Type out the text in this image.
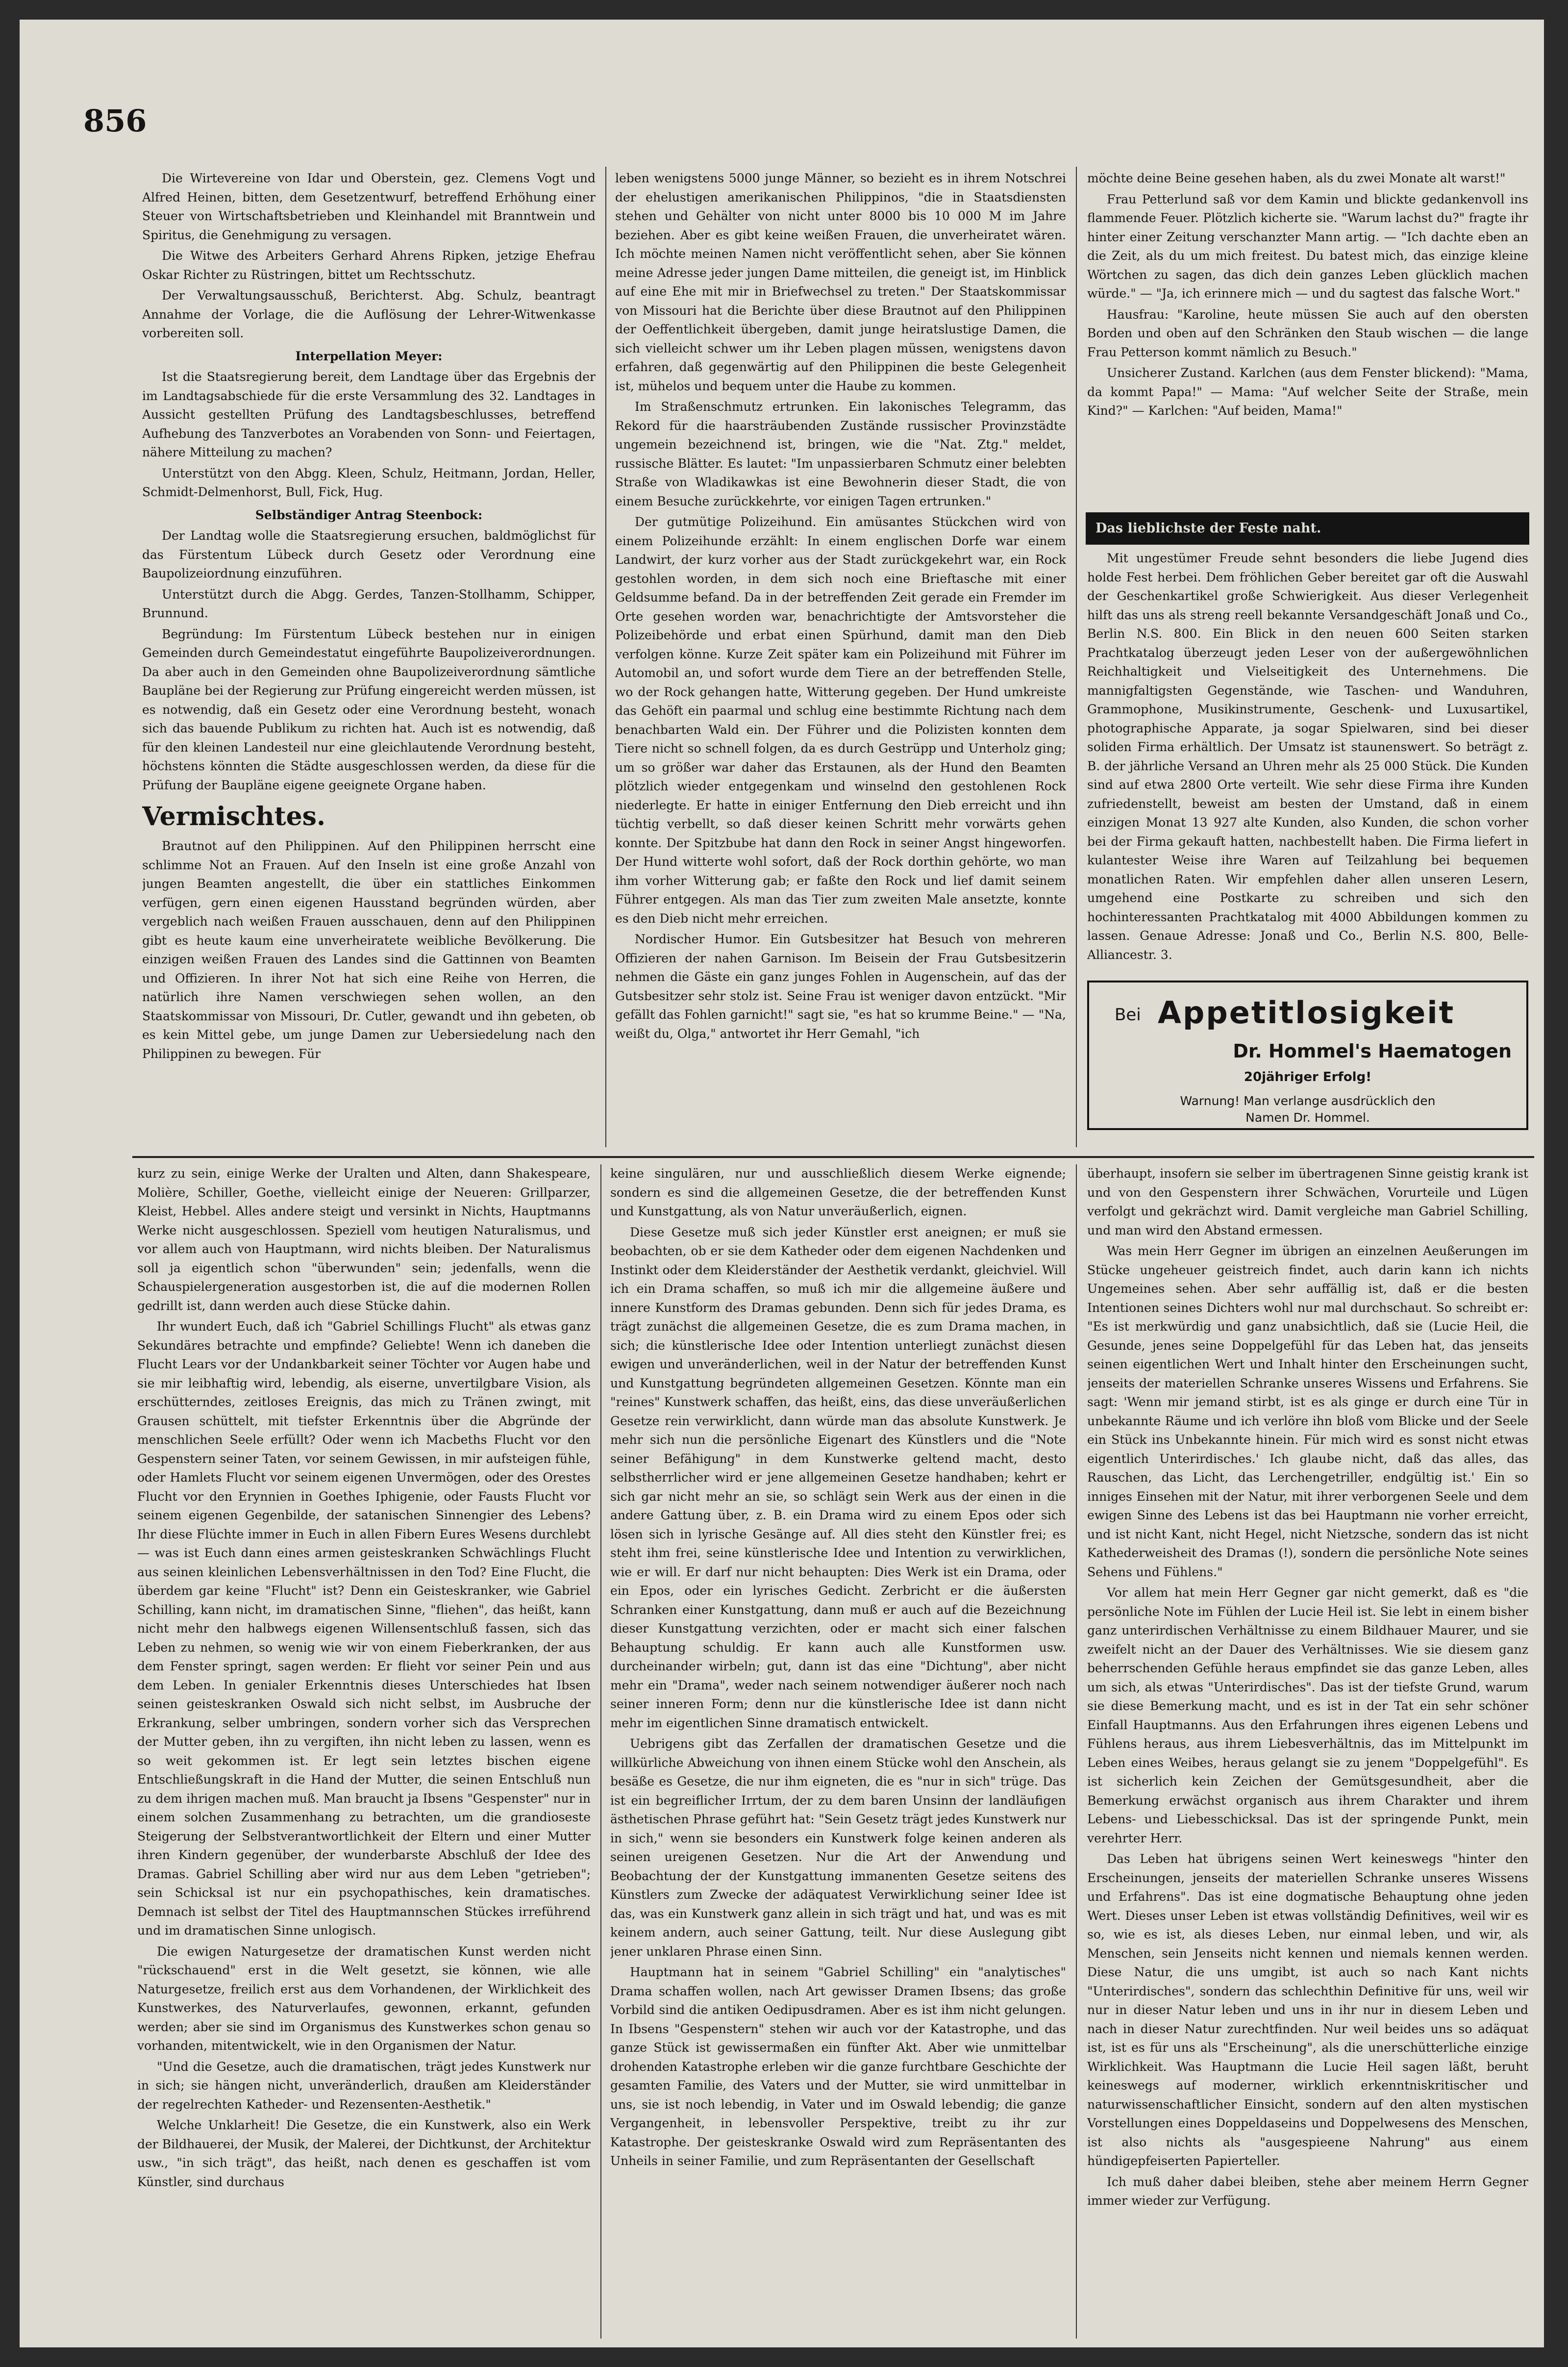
856

Die Wirtevereine von Idar und Oberstein, gez. Clemens Vogt und Alfred Heinen, bitten, dem Gesetzentwurf, betreffend Erhöhung einer Steuer von Wirtschaftsbetrieben und Kleinhandel mit Branntwein und Spiritus, die Genehmigung zu versagen.

Die Witwe des Arbeiters Gerhard Ahrens Ripken, jetzige Ehefrau Oskar Richter zu Rüstringen, bittet um Rechtsschutz.

Der Verwaltungsausschuß, Berichterst. Abg. Schulz, beantragt Annahme der Vorlage, die die Auflösung der Lehrer-Witwenkasse vorbereiten soll.

Interpellation Meyer:

Ist die Staatsregierung bereit, dem Landtage über das Ergebnis der im Landtagsabschiede für die erste Versammlung des 32. Landtages in Aussicht gestellten Prüfung des Landtagsbeschlusses, betreffend Aufhebung des Tanzverbotes an Vorabenden von Sonn- und Feiertagen, nähere Mitteilung zu machen?

Unterstützt von den Abgg. Kleen, Schulz, Heitmann, Jordan, Heller, Schmidt-Delmenhorst, Bull, Fick, Hug.

Selbständiger Antrag Steenbock:

Der Landtag wolle die Staatsregierung ersuchen, baldmöglichst für das Fürstentum Lübeck durch Gesetz oder Verordnung eine Baupolizeiordnung einzuführen.

Unterstützt durch die Abgg. Gerdes, Tanzen-Stollhamm, Schipper, Brunnund.

Begründung: Im Fürstentum Lübeck bestehen nur in einigen Gemeinden durch Gemeindestatut eingeführte Baupolizeiverordnungen. Da aber auch in den Gemeinden ohne Baupolizeiverordnung sämtliche Baupläne bei der Regierung zur Prüfung eingereicht werden müssen, ist es notwendig, daß ein Gesetz oder eine Verordnung besteht, wonach sich das bauende Publikum zu richten hat. Auch ist es notwendig, daß für den kleinen Landesteil nur eine gleichlautende Verordnung besteht, höchstens könnten die Städte ausgeschlossen werden, da diese für die Prüfung der Baupläne eigene geeignete Organe haben.

Vermischtes.

Brautnot auf den Philippinen. Auf den Philippinen herrscht eine schlimme Not an Frauen. Auf den Inseln ist eine große Anzahl von jungen Beamten angestellt, die über ein stattliches Einkommen verfügen, gern einen eigenen Hausstand begründen würden, aber vergeblich nach weißen Frauen ausschauen, denn auf den Philippinen gibt es heute kaum eine unverheiratete weibliche Bevölkerung. Die einzigen weißen Frauen des Landes sind die Gattinnen von Beamten und Offizieren. In ihrer Not hat sich eine Reihe von Herren, die natürlich ihre Namen verschwiegen sehen wollen, an den Staatskommissar von Missouri, Dr. Cutler, gewandt und ihn gebeten, ob es kein Mittel gebe, um junge Damen zur Uebersiedelung nach den Philippinen zu bewegen. Für

leben wenigstens 5000 junge Männer, so bezieht es in ihrem Notschrei der ehelustigen amerikanischen Philippinos, "die in Staatsdiensten stehen und Gehälter von nicht unter 8000 bis 10 000 M im Jahre beziehen. Aber es gibt keine weißen Frauen, die unverheiratet wären. Ich möchte meinen Namen nicht veröffentlicht sehen, aber Sie können meine Adresse jeder jungen Dame mitteilen, die geneigt ist, im Hinblick auf eine Ehe mit mir in Briefwechsel zu treten." Der Staatskommissar von Missouri hat die Berichte über diese Brautnot auf den Philippinen der Oeffentlichkeit übergeben, damit junge heiratslustige Damen, die sich vielleicht schwer um ihr Leben plagen müssen, wenigstens davon erfahren, daß gegenwärtig auf den Philippinen die beste Gelegenheit ist, mühelos und bequem unter die Haube zu kommen.

Im Straßenschmutz ertrunken. Ein lakonisches Telegramm, das Rekord für die haarsträubenden Zustände russischer Provinzstädte ungemein bezeichnend ist, bringen, wie die "Nat. Ztg." meldet, russische Blätter. Es lautet: "Im unpassierbaren Schmutz einer belebten Straße von Wladikawkas ist eine Bewohnerin dieser Stadt, die von einem Besuche zurückkehrte, vor einigen Tagen ertrunken."

Der gutmütige Polizeihund. Ein amüsantes Stückchen wird von einem Polizeihunde erzählt: In einem englischen Dorfe war einem Landwirt, der kurz vorher aus der Stadt zurückgekehrt war, ein Rock gestohlen worden, in dem sich noch eine Brieftasche mit einer Geldsumme befand. Da in der betreffenden Zeit gerade ein Fremder im Orte gesehen worden war, benachrichtigte der Amtsvorsteher die Polizeibehörde und erbat einen Spürhund, damit man den Dieb verfolgen könne. Kurze Zeit später kam ein Polizeihund mit Führer im Automobil an, und sofort wurde dem Tiere an der betreffenden Stelle, wo der Rock gehangen hatte, Witterung gegeben. Der Hund umkreiste das Gehöft ein paarmal und schlug eine bestimmte Richtung nach dem benachbarten Wald ein. Der Führer und die Polizisten konnten dem Tiere nicht so schnell folgen, da es durch Gestrüpp und Unterholz ging; um so größer war daher das Erstaunen, als der Hund den Beamten plötzlich wieder entgegenkam und winselnd den gestohlenen Rock niederlegte. Er hatte in einiger Entfernung den Dieb erreicht und ihn tüchtig verbellt, so daß dieser keinen Schritt mehr vorwärts gehen konnte. Der Spitzbube hat dann den Rock in seiner Angst hingeworfen. Der Hund witterte wohl sofort, daß der Rock dorthin gehörte, wo man ihm vorher Witterung gab; er faßte den Rock und lief damit seinem Führer entgegen. Als man das Tier zum zweiten Male ansetzte, konnte es den Dieb nicht mehr erreichen.

Nordischer Humor. Ein Gutsbesitzer hat Besuch von mehreren Offizieren der nahen Garnison. Im Beisein der Frau Gutsbesitzerin nehmen die Gäste ein ganz junges Fohlen in Augenschein, auf das der Gutsbesitzer sehr stolz ist. Seine Frau ist weniger davon entzückt. "Mir gefällt das Fohlen garnicht!" sagt sie, "es hat so krumme Beine." — "Na, weißt du, Olga," antwortet ihr Herr Gemahl, "ich

möchte deine Beine gesehen haben, als du zwei Monate alt warst!"

Frau Petterlund saß vor dem Kamin und blickte gedankenvoll ins flammende Feuer. Plötzlich kicherte sie. "Warum lachst du?" fragte ihr hinter einer Zeitung verschanzter Mann artig. — "Ich dachte eben an die Zeit, als du um mich freitest. Du batest mich, das einzige kleine Wörtchen zu sagen, das dich dein ganzes Leben glücklich machen würde." — "Ja, ich erinnere mich — und du sagtest das falsche Wort."

Hausfrau: "Karoline, heute müssen Sie auch auf den obersten Borden und oben auf den Schränken den Staub wischen — die lange Frau Petterson kommt nämlich zu Besuch."

Unsicherer Zustand. Karlchen (aus dem Fenster blickend): "Mama, da kommt Papa!" — Mama: "Auf welcher Seite der Straße, mein Kind?" — Karlchen: "Auf beiden, Mama!"

Das lieblichste der Feste naht.

Mit ungestümer Freude sehnt besonders die liebe Jugend dies holde Fest herbei. Dem fröhlichen Geber bereitet gar oft die Auswahl der Geschenkartikel große Schwierigkeit. Aus dieser Verlegenheit hilft das uns als streng reell bekannte Versandgeschäft Jonaß und Co., Berlin N.S. 800. Ein Blick in den neuen 600 Seiten starken Prachtkatalog überzeugt jeden Leser von der außergewöhnlichen Reichhaltigkeit und Vielseitigkeit des Unternehmens. Die mannigfaltigsten Gegenstände, wie Taschen- und Wanduhren, Grammophone, Musikinstrumente, Geschenk- und Luxusartikel, photographische Apparate, ja sogar Spielwaren, sind bei dieser soliden Firma erhältlich. Der Umsatz ist staunenswert. So beträgt z. B. der jährliche Versand an Uhren mehr als 25 000 Stück. Die Kunden sind auf etwa 2800 Orte verteilt. Wie sehr diese Firma ihre Kunden zufriedenstellt, beweist am besten der Umstand, daß in einem einzigen Monat 13 927 alte Kunden, also Kunden, die schon vorher bei der Firma gekauft hatten, nachbestellt haben. Die Firma liefert in kulantester Weise ihre Waren auf Teilzahlung bei bequemen monatlichen Raten. Wir empfehlen daher allen unseren Lesern, umgehend eine Postkarte zu schreiben und sich den hochinteressanten Prachtkatalog mit 4000 Abbildungen kommen zu lassen. Genaue Adresse: Jonaß und Co., Berlin N.S. 800, Belle-Alliancestr. 3.

Bei Appetitlosigkeit
Dr. Hommel's Haematogen
20jähriger Erfolg!
Warnung! Man verlange ausdrücklich den
Namen Dr. Hommel.

kurz zu sein, einige Werke der Uralten und Alten, dann Shakespeare, Molière, Schiller, Goethe, vielleicht einige der Neueren: Grillparzer, Kleist, Hebbel. Alles andere steigt und versinkt in Nichts, Hauptmanns Werke nicht ausgeschlossen. Speziell vom heutigen Naturalismus, und vor allem auch von Hauptmann, wird nichts bleiben. Der Naturalismus soll ja eigentlich schon "überwunden" sein; jedenfalls, wenn die Schauspielergeneration ausgestorben ist, die auf die modernen Rollen gedrillt ist, dann werden auch diese Stücke dahin.

Ihr wundert Euch, daß ich "Gabriel Schillings Flucht" als etwas ganz Sekundäres betrachte und empfinde? Geliebte! Wenn ich daneben die Flucht Lears vor der Undankbarkeit seiner Töchter vor Augen habe und sie mir leibhaftig wird, lebendig, als eiserne, unvertilgbare Vision, als erschütterndes, zeitloses Ereignis, das mich zu Tränen zwingt, mit Grausen schüttelt, mit tiefster Erkenntnis über die Abgründe der menschlichen Seele erfüllt? Oder wenn ich Macbeths Flucht vor den Gespenstern seiner Taten, vor seinem Gewissen, in mir aufsteigen fühle, oder Hamlets Flucht vor seinem eigenen Unvermögen, oder des Orestes Flucht vor den Erynnien in Goethes Iphigenie, oder Fausts Flucht vor seinem eigenen Gegenbilde, der satanischen Sinnengier des Lebens? Ihr diese Flüchte immer in Euch in allen Fibern Eures Wesens durchlebt — was ist Euch dann eines armen geisteskranken Schwächlings Flucht aus seinen kleinlichen Lebensverhältnissen in den Tod? Eine Flucht, die überdem gar keine "Flucht" ist? Denn ein Geisteskranker, wie Gabriel Schilling, kann nicht, im dramatischen Sinne, "fliehen", das heißt, kann nicht mehr den halbwegs eigenen Willensentschluß fassen, sich das Leben zu nehmen, so wenig wie wir von einem Fieberkranken, der aus dem Fenster springt, sagen werden: Er flieht vor seiner Pein und aus dem Leben. In genialer Erkenntnis dieses Unterschiedes hat Ibsen seinen geisteskranken Oswald sich nicht selbst, im Ausbruche der Erkrankung, selber umbringen, sondern vorher sich das Versprechen der Mutter geben, ihn zu vergiften, ihn nicht leben zu lassen, wenn es so weit gekommen ist. Er legt sein letztes bischen eigene Entschließungskraft in die Hand der Mutter, die seinen Entschluß nun zu dem ihrigen machen muß. Man braucht ja Ibsens "Gespenster" nur in einem solchen Zusammenhang zu betrachten, um die grandioseste Steigerung der Selbstverantwortlichkeit der Eltern und einer Mutter ihren Kindern gegenüber, der wunderbarste Abschluß der Idee des Dramas. Gabriel Schilling aber wird nur aus dem Leben "getrieben"; sein Schicksal ist nur ein psychopathisches, kein dramatisches. Demnach ist selbst der Titel des Hauptmannschen Stückes irreführend und im dramatischen Sinne unlogisch.

Die ewigen Naturgesetze der dramatischen Kunst werden nicht "rückschauend" erst in die Welt gesetzt, sie können, wie alle Naturgesetze, freilich erst aus dem Vorhandenen, der Wirklichkeit des Kunstwerkes, des Naturverlaufes, gewonnen, erkannt, gefunden werden; aber sie sind im Organismus des Kunstwerkes schon genau so vorhanden, mitentwickelt, wie in den Organismen der Natur.

"Und die Gesetze, auch die dramatischen, trägt jedes Kunstwerk nur in sich; sie hängen nicht, unveränderlich, draußen am Kleiderständer der regelrechten Katheder- und Rezensenten-Aesthetik."

Welche Unklarheit! Die Gesetze, die ein Kunstwerk, also ein Werk der Bildhauerei, der Musik, der Malerei, der Dichtkunst, der Architektur usw., "in sich trägt", das heißt, nach denen es geschaffen ist vom Künstler, sind durchaus

keine singulären, nur und ausschließlich diesem Werke eignende; sondern es sind die allgemeinen Gesetze, die der betreffenden Kunst und Kunstgattung, als von Natur unveräußerlich, eignen.

Diese Gesetze muß sich jeder Künstler erst aneignen; er muß sie beobachten, ob er sie dem Katheder oder dem eigenen Nachdenken und Instinkt oder dem Kleiderständer der Aesthetik verdankt, gleichviel. Will ich ein Drama schaffen, so muß ich mir die allgemeine äußere und innere Kunstform des Dramas gebunden. Denn sich für jedes Drama, es trägt zunächst die allgemeinen Gesetze, die es zum Drama machen, in sich; die künstlerische Idee oder Intention unterliegt zunächst diesen ewigen und unveränderlichen, weil in der Natur der betreffenden Kunst und Kunstgattung begründeten allgemeinen Gesetzen. Könnte man ein "reines" Kunstwerk schaffen, das heißt, eins, das diese unveräußerlichen Gesetze rein verwirklicht, dann würde man das absolute Kunstwerk. Je mehr sich nun die persönliche Eigenart des Künstlers und die "Note seiner Befähigung" in dem Kunstwerke geltend macht, desto selbstherrlicher wird er jene allgemeinen Gesetze handhaben; kehrt er sich gar nicht mehr an sie, so schlägt sein Werk aus der einen in die andere Gattung über, z. B. ein Drama wird zu einem Epos oder sich lösen sich in lyrische Gesänge auf. All dies steht den Künstler frei; es steht ihm frei, seine künstlerische Idee und Intention zu verwirklichen, wie er will. Er darf nur nicht behaupten: Dies Werk ist ein Drama, oder ein Epos, oder ein lyrisches Gedicht. Zerbricht er die äußersten Schranken einer Kunstgattung, dann muß er auch auf die Bezeichnung dieser Kunstgattung verzichten, oder er macht sich einer falschen Behauptung schuldig. Er kann auch alle Kunstformen usw. durcheinander wirbeln; gut, dann ist das eine "Dichtung", aber nicht mehr ein "Drama", weder nach seinem notwendiger äußerer noch nach seiner inneren Form; denn nur die künstlerische Idee ist dann nicht mehr im eigentlichen Sinne dramatisch entwickelt.

Uebrigens gibt das Zerfallen der dramatischen Gesetze und die willkürliche Abweichung von ihnen einem Stücke wohl den Anschein, als besäße es Gesetze, die nur ihm eigneten, die es "nur in sich" trüge. Das ist ein begreiflicher Irrtum, der zu dem baren Unsinn der landläufigen ästhetischen Phrase geführt hat: "Sein Gesetz trägt jedes Kunstwerk nur in sich," wenn sie besonders ein Kunstwerk folge keinen anderen als seinen ureigenen Gesetzen. Nur die Art der Anwendung und Beobachtung der der Kunstgattung immanenten Gesetze seitens des Künstlers zum Zwecke der adäquatest Verwirklichung seiner Idee ist das, was ein Kunstwerk ganz allein in sich trägt und hat, und was es mit keinem andern, auch seiner Gattung, teilt. Nur diese Auslegung gibt jener unklaren Phrase einen Sinn.

Hauptmann hat in seinem "Gabriel Schilling" ein "analytisches" Drama schaffen wollen, nach Art gewisser Dramen Ibsens; das große Vorbild sind die antiken Oedipusdramen. Aber es ist ihm nicht gelungen. In Ibsens "Gespenstern" stehen wir auch vor der Katastrophe, und das ganze Stück ist gewissermaßen ein fünfter Akt. Aber wie unmittelbar drohenden Katastrophe erleben wir die ganze furchtbare Geschichte der gesamten Familie, des Vaters und der Mutter, sie wird unmittelbar in uns, sie ist noch lebendig, in Vater und im Oswald lebendig; die ganze Vergangenheit, in lebensvoller Perspektive, treibt zu ihr zur Katastrophe. Der geisteskranke Oswald wird zum Repräsentanten des Unheils in seiner Familie, und zum Repräsentanten der Gesellschaft

überhaupt, insofern sie selber im übertragenen Sinne geistig krank ist und von den Gespenstern ihrer Schwächen, Vorurteile und Lügen verfolgt und gekrächzt wird. Damit vergleiche man Gabriel Schilling, und man wird den Abstand ermessen.

Was mein Herr Gegner im übrigen an einzelnen Aeußerungen im Stücke ungeheuer geistreich findet, auch darin kann ich nichts Ungemeines sehen. Aber sehr auffällig ist, daß er die besten Intentionen seines Dichters wohl nur mal durchschaut. So schreibt er: "Es ist merkwürdig und ganz unabsichtlich, daß sie (Lucie Heil, die Gesunde, jenes seine Doppelgefühl für das Leben hat, das jenseits seinen eigentlichen Wert und Inhalt hinter den Erscheinungen sucht, jenseits der materiellen Schranke unseres Wissens und Erfahrens. Sie sagt: 'Wenn mir jemand stirbt, ist es als ginge er durch eine Tür in unbekannte Räume und ich verlöre ihn bloß vom Blicke und der Seele ein Stück ins Unbekannte hinein. Für mich wird es sonst nicht etwas eigentlich Unterirdisches.' Ich glaube nicht, daß das alles, das Rauschen, das Licht, das Lerchengetriller, endgültig ist.' Ein so inniges Einsehen mit der Natur, mit ihrer verborgenen Seele und dem ewigen Sinne des Lebens ist das bei Hauptmann nie vorher erreicht, und ist nicht Kant, nicht Hegel, nicht Nietzsche, sondern das ist nicht Kathederweisheit des Dramas (!), sondern die persönliche Note seines Sehens und Fühlens."

Vor allem hat mein Herr Gegner gar nicht gemerkt, daß es "die persönliche Note im Fühlen der Lucie Heil ist. Sie lebt in einem bisher ganz unterirdischen Verhältnisse zu einem Bildhauer Maurer, und sie zweifelt nicht an der Dauer des Verhältnisses. Wie sie diesem ganz beherrschenden Gefühle heraus empfindet sie das ganze Leben, alles um sich, als etwas "Unterirdisches". Das ist der tiefste Grund, warum sie diese Bemerkung macht, und es ist in der Tat ein sehr schöner Einfall Hauptmanns. Aus den Erfahrungen ihres eigenen Lebens und Fühlens heraus, aus ihrem Liebesverhältnis, das im Mittelpunkt im Leben eines Weibes, heraus gelangt sie zu jenem "Doppelgefühl". Es ist sicherlich kein Zeichen der Gemütsgesundheit, aber die Bemerkung erwächst organisch aus ihrem Charakter und ihrem Lebens- und Liebesschicksal. Das ist der springende Punkt, mein verehrter Herr.

Das Leben hat übrigens seinen Wert keineswegs "hinter den Erscheinungen, jenseits der materiellen Schranke unseres Wissens und Erfahrens". Das ist eine dogmatische Behauptung ohne jeden Wert. Dieses unser Leben ist etwas vollständig Definitives, weil wir es so, wie es ist, als dieses Leben, nur einmal leben, und wir, als Menschen, sein Jenseits nicht kennen und niemals kennen werden. Diese Natur, die uns umgibt, ist auch so nach Kant nichts "Unterirdisches", sondern das schlechthin Definitive für uns, weil wir nur in dieser Natur leben und uns in ihr nur in diesem Leben und nach in dieser Natur zurechtfinden. Nur weil beides uns so adäquat ist, ist es für uns als "Erscheinung", als die unerschütterliche einzige Wirklichkeit. Was Hauptmann die Lucie Heil sagen läßt, beruht keineswegs auf moderner, wirklich erkenntniskritischer und naturwissenschaftlicher Einsicht, sondern auf den alten mystischen Vorstellungen eines Doppeldaseins und Doppelwesens des Menschen, ist also nichts als "ausgespieene Nahrung" aus einem hündigepfeiserten Papierteller.

Ich muß daher dabei bleiben, stehe aber meinem Herrn Gegner immer wieder zur Verfügung.
